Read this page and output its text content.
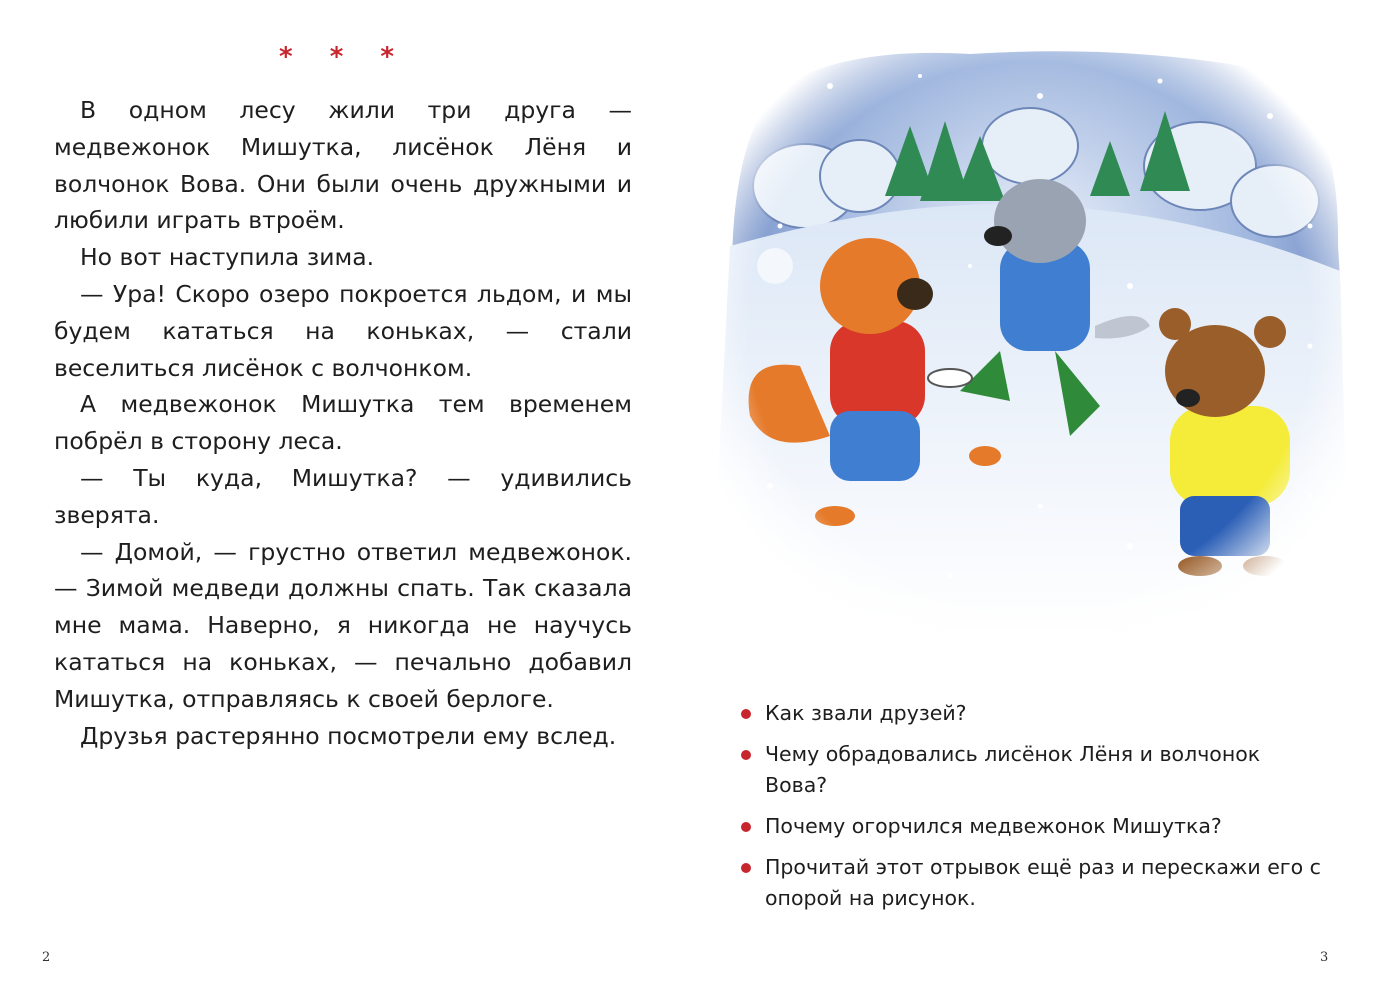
* * *

В одном лесу жили три друга — медвежонок Мишутка, лисёнок Лёня и волчонок Вова. Они были очень дружными и любили играть втроём.

Но вот наступила зима.

— Ура! Скоро озеро покроется льдом, и мы будем кататься на коньках, — стали веселиться лисёнок с волчонком.

А медвежонок Мишутка тем временем побрёл в сторону леса.

— Ты куда, Мишутка? — удивились зверята.

— Домой, — грустно ответил медвежонок. — Зимой медведи должны спать. Так сказала мне мама. Наверно, я никогда не научусь кататься на коньках, — печально добавил Мишутка, отправляясь к своей берлоге.

Друзья растерянно посмотрели ему вслед.

2
Как звали друзей?
Чему обрадовались лисёнок Лёня и волчонок Вова?
Почему огорчился медвежонок Мишутка?
Прочитай этот отрывок ещё раз и перескажи его с опорой на рисунок.
3
